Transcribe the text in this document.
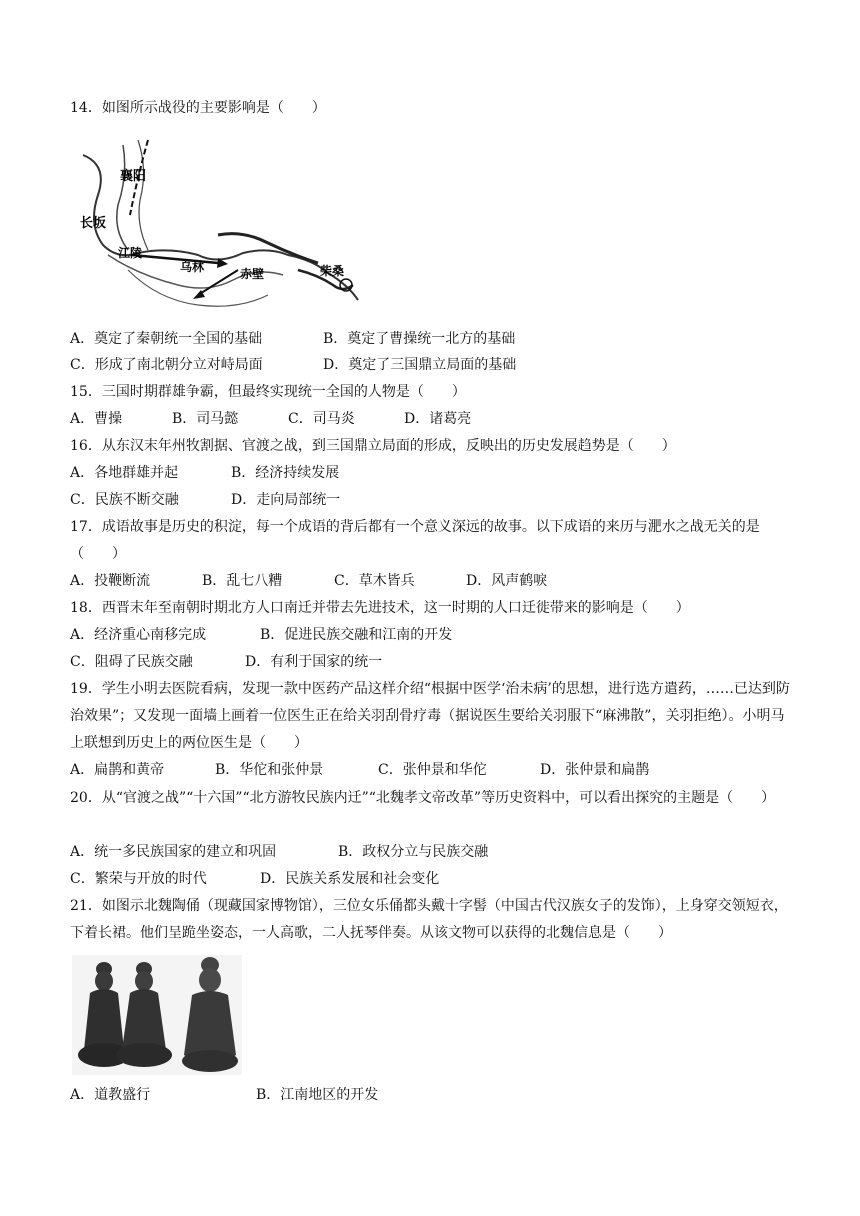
14．如图所示战役的主要影响是（　　）
襄阳
长坂
江陵
乌林	赤壁	柴桑
A．奠定了秦朝统一全国的基础	B．奠定了曹操统一北方的基础
C．形成了南北朝分立对峙局面	D．奠定了三国鼎立局面的基础
15．三国时期群雄争霸，但最终实现统一全国的人物是（　　）
A．曹操	B．司马懿	C．司马炎	D．诸葛亮
16．从东汉末年州牧割据、官渡之战，到三国鼎立局面的形成，反映出的历史发展趋势是（　　）
A．各地群雄并起	B．经济持续发展
C．民族不断交融	D．走向局部统一
17．成语故事是历史的积淀，每一个成语的背后都有一个意义深远的故事。以下成语的来历与淝水之战无关的是（　　）
A．投鞭断流	B．乱七八糟	C．草木皆兵	D．风声鹤唳
18．西晋末年至南朝时期北方人口南迁并带去先进技术，这一时期的人口迁徙带来的影响是（　　）
A．经济重心南移完成	B．促进民族交融和江南的开发
C．阻碍了民族交融	D．有利于国家的统一
19．学生小明去医院看病，发现一款中医药产品这样介绍“根据中医学‘治未病’的思想，进行选方遣药，……已达到防治效果”；又发现一面墙上画着一位医生正在给关羽刮骨疗毒（据说医生要给关羽服下“麻沸散”，关羽拒绝）。小明马上联想到历史上的两位医生是（　　）
A．扁鹊和黄帝	B．华佗和张仲景	C．张仲景和华佗	D．张仲景和扁鹊
20．从“官渡之战”“十六国”“北方游牧民族内迁”“北魏孝文帝改革”等历史资料中，可以看出探究的主题是（　　）
A．统一多民族国家的建立和巩固	B．政权分立与民族交融
C．繁荣与开放的时代	D．民族关系发展和社会变化
21．如图示北魏陶俑（现藏国家博物馆），三位女乐俑都头戴十字髻（中国古代汉族女子的发饰），上身穿交领短衣，下着长裙。他们呈跪坐姿态，一人高歌，二人抚琴伴奏。从该文物可以获得的北魏信息是（　　）
A．道教盛行	B．江南地区的开发
